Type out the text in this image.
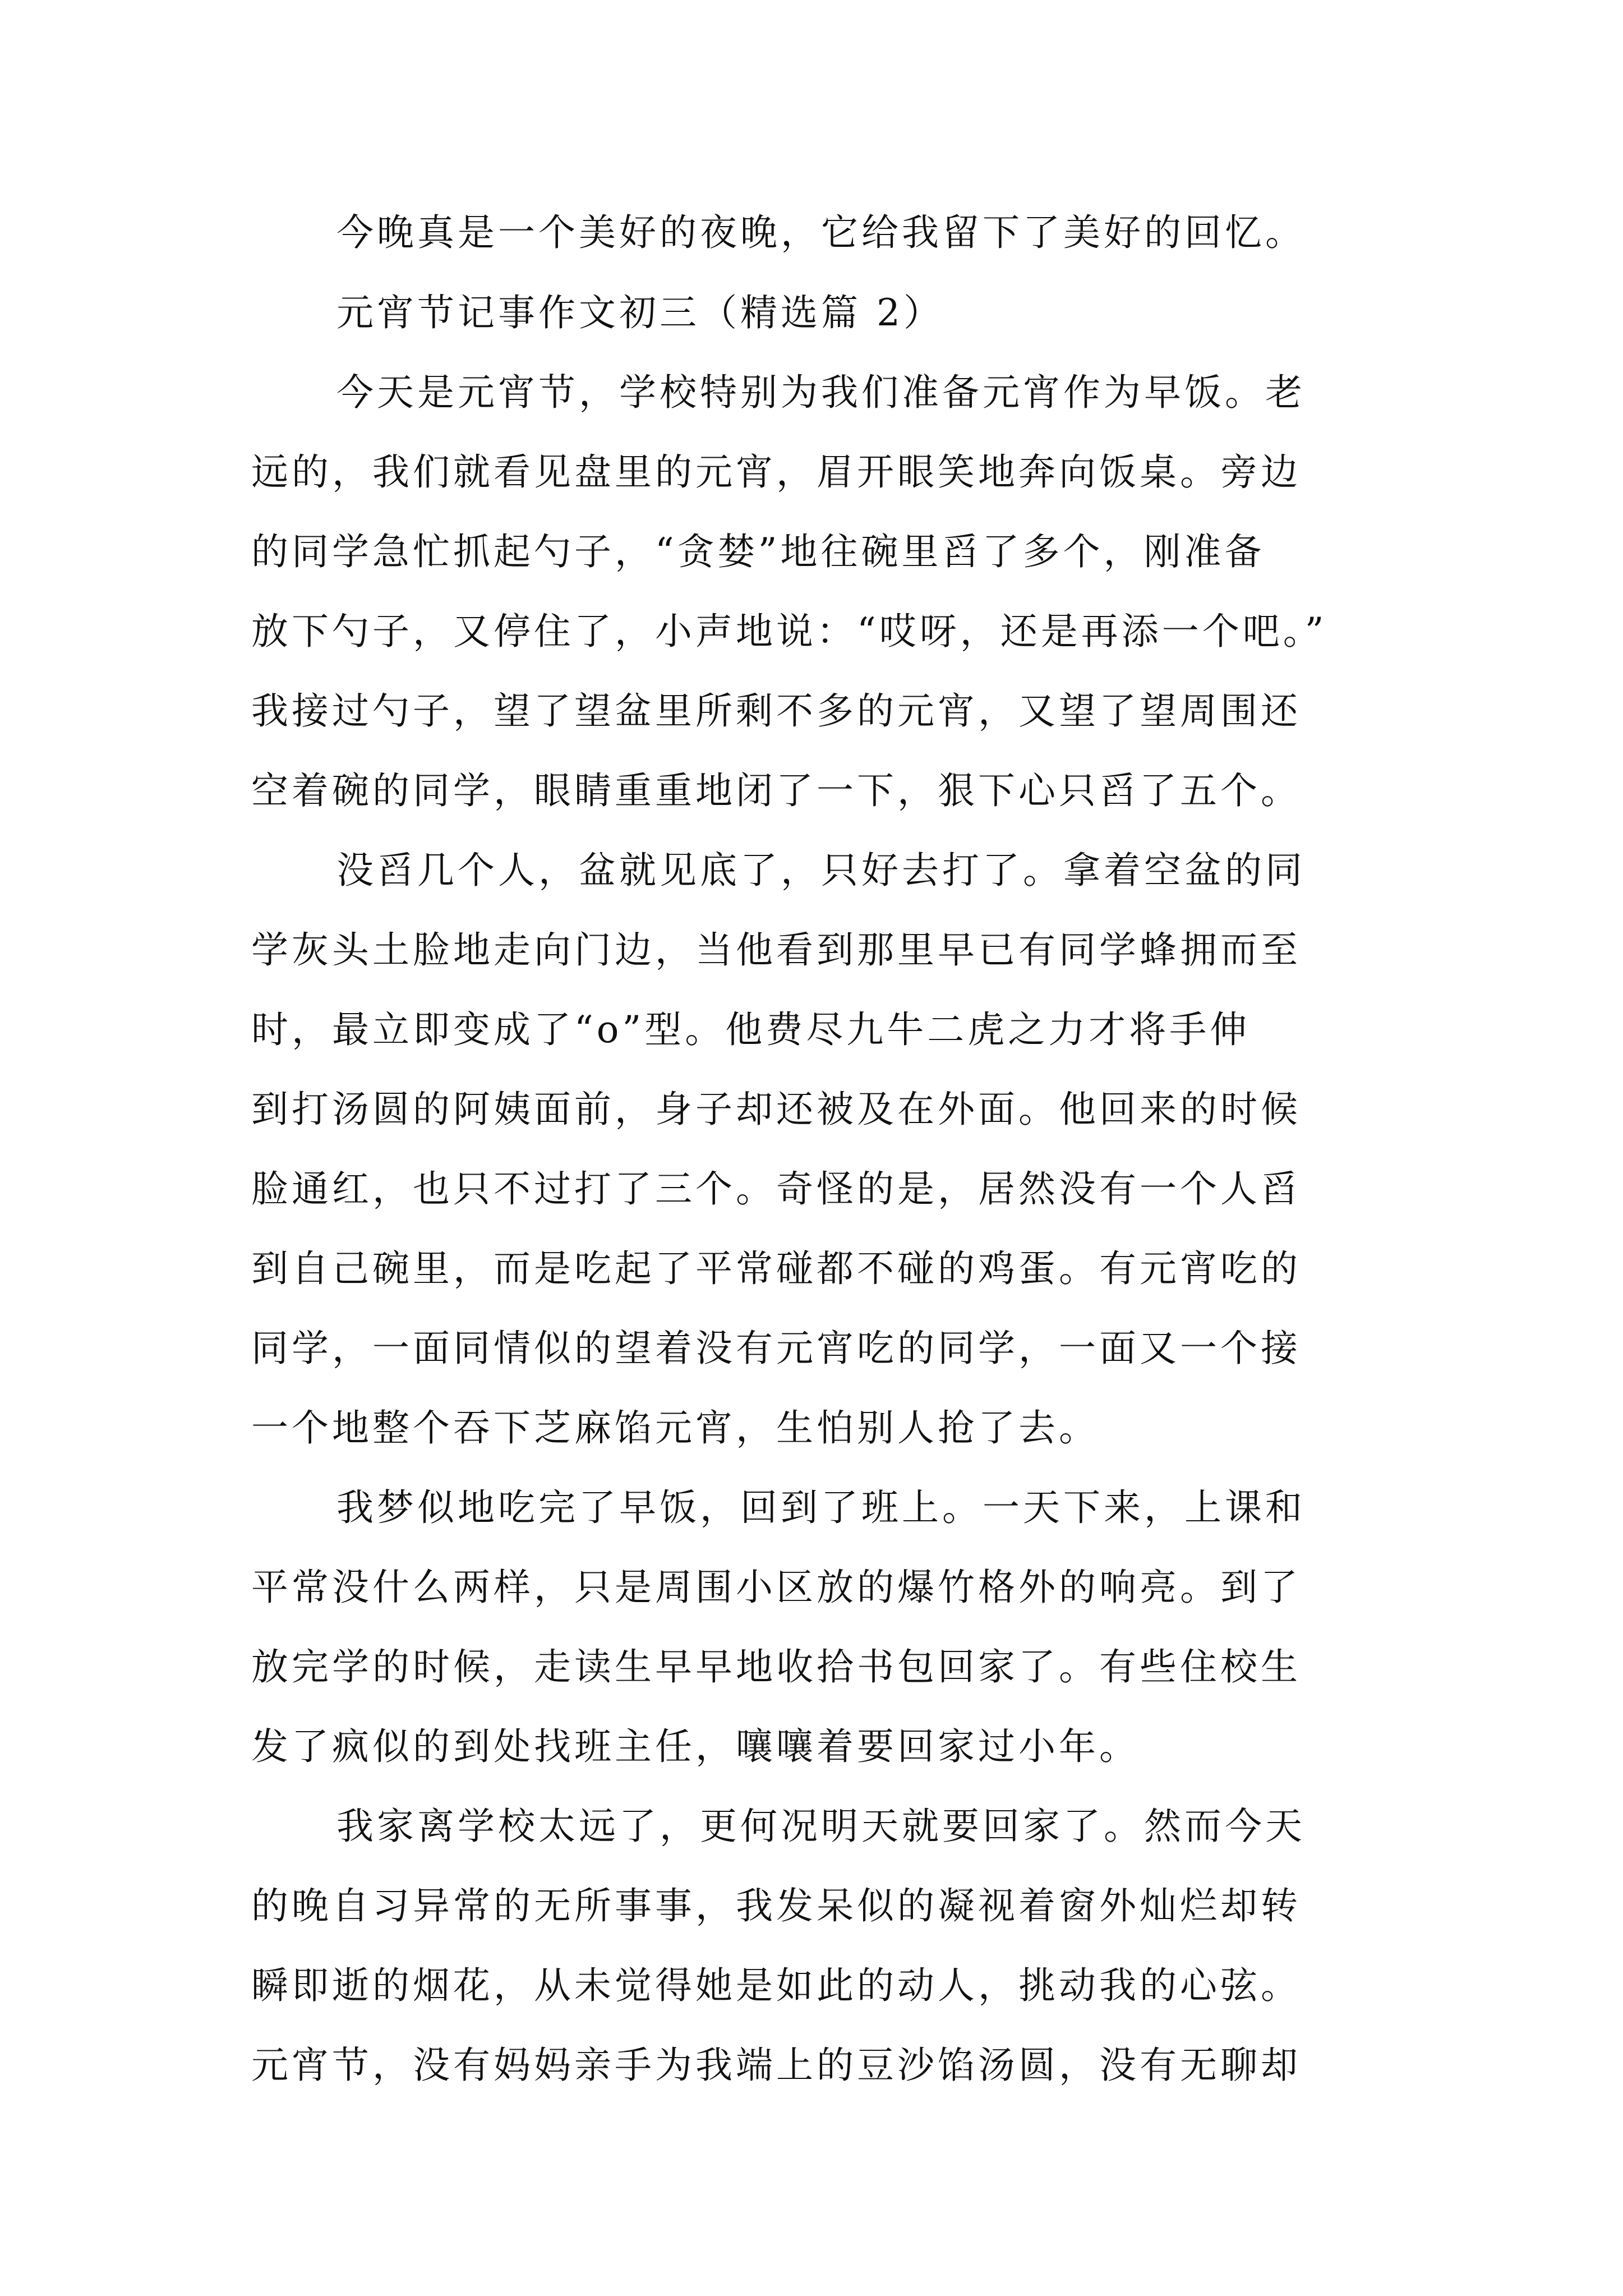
今晚真是一个美好的夜晚，它给我留下了美好的回忆。
元宵节记事作文初三（精选篇 2）
今天是元宵节，学校特别为我们准备元宵作为早饭。老
远的，我们就看见盘里的元宵，眉开眼笑地奔向饭桌。旁边
的同学急忙抓起勺子，“贪婪”地往碗里舀了多个，刚准备
放下勺子，又停住了，小声地说：“哎呀，还是再添一个吧。”
我接过勺子，望了望盆里所剩不多的元宵，又望了望周围还
空着碗的同学，眼睛重重地闭了一下，狠下心只舀了五个。
没舀几个人，盆就见底了，只好去打了。拿着空盆的同
学灰头土脸地走向门边，当他看到那里早已有同学蜂拥而至
时，最立即变成了“o”型。他费尽九牛二虎之力才将手伸
到打汤圆的阿姨面前，身子却还被及在外面。他回来的时候
脸通红，也只不过打了三个。奇怪的是，居然没有一个人舀
到自己碗里，而是吃起了平常碰都不碰的鸡蛋。有元宵吃的
同学，一面同情似的望着没有元宵吃的同学，一面又一个接
一个地整个吞下芝麻馅元宵，生怕别人抢了去。
我梦似地吃完了早饭，回到了班上。一天下来，上课和
平常没什么两样，只是周围小区放的爆竹格外的响亮。到了
放完学的时候，走读生早早地收拾书包回家了。有些住校生
发了疯似的到处找班主任，嚷嚷着要回家过小年。
我家离学校太远了，更何况明天就要回家了。然而今天
的晚自习异常的无所事事，我发呆似的凝视着窗外灿烂却转
瞬即逝的烟花，从未觉得她是如此的动人，挑动我的心弦。
元宵节，没有妈妈亲手为我端上的豆沙馅汤圆，没有无聊却
